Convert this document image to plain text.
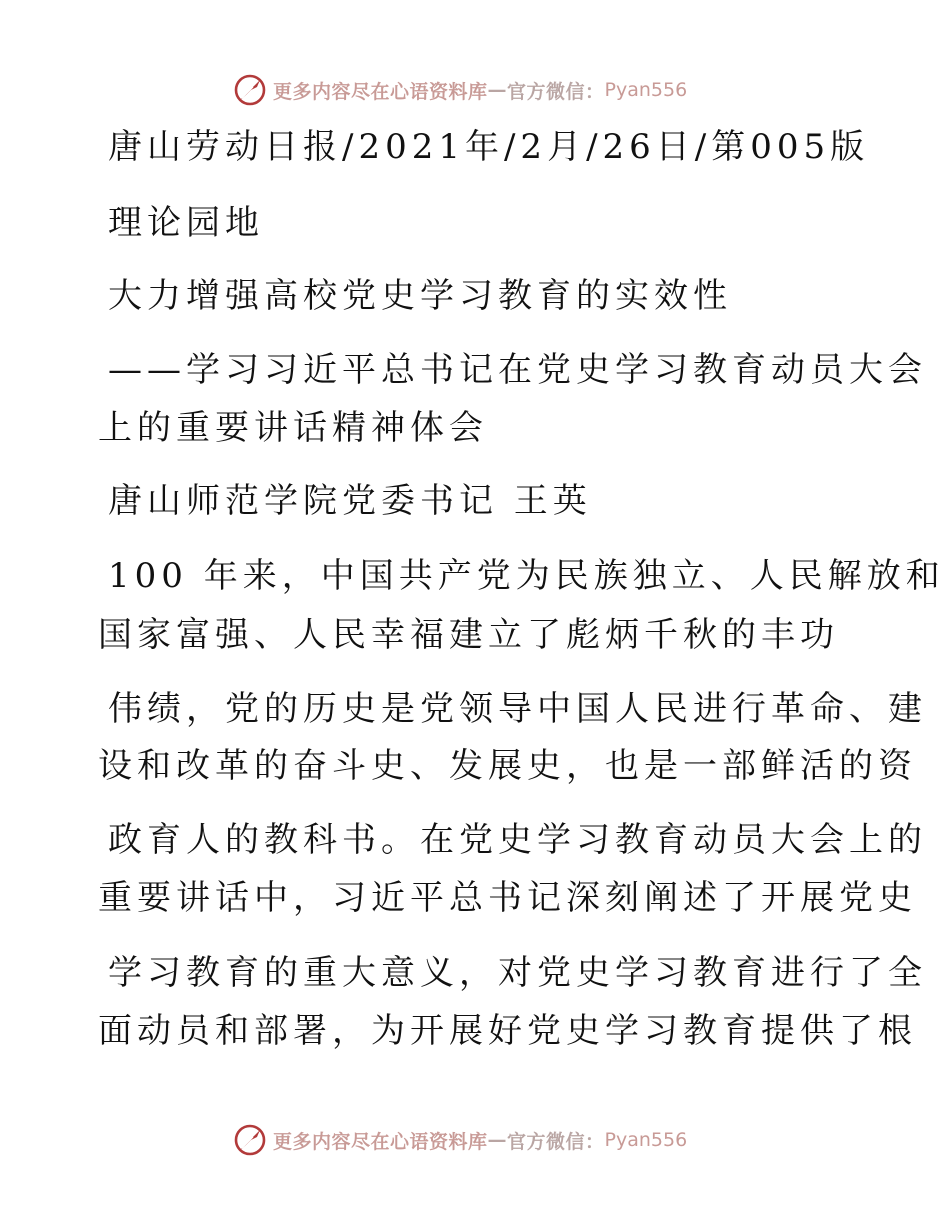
更多内容尽在心语资料库 — 官方微信： Pyan556
唐山劳动日报/2021年/2月/26日/第005版
理论园地
大力增强高校党史学习教育的实效性
——学习习近平总书记在党史学习教育动员大会
上的重要讲话精神体会
唐山师范学院党委书记 王英
100 年来，中国共产党为民族独立、人民解放和
国家富强、人民幸福建立了彪炳千秋的丰功
伟绩，党的历史是党领导中国人民进行革命、建
设和改革的奋斗史、发展史，也是一部鲜活的资
政育人的教科书。在党史学习教育动员大会上的
重要讲话中，习近平总书记深刻阐述了开展党史
学习教育的重大意义，对党史学习教育进行了全
面动员和部署，为开展好党史学习教育提供了根
更多内容尽在心语资料库 — 官方微信： Pyan556
